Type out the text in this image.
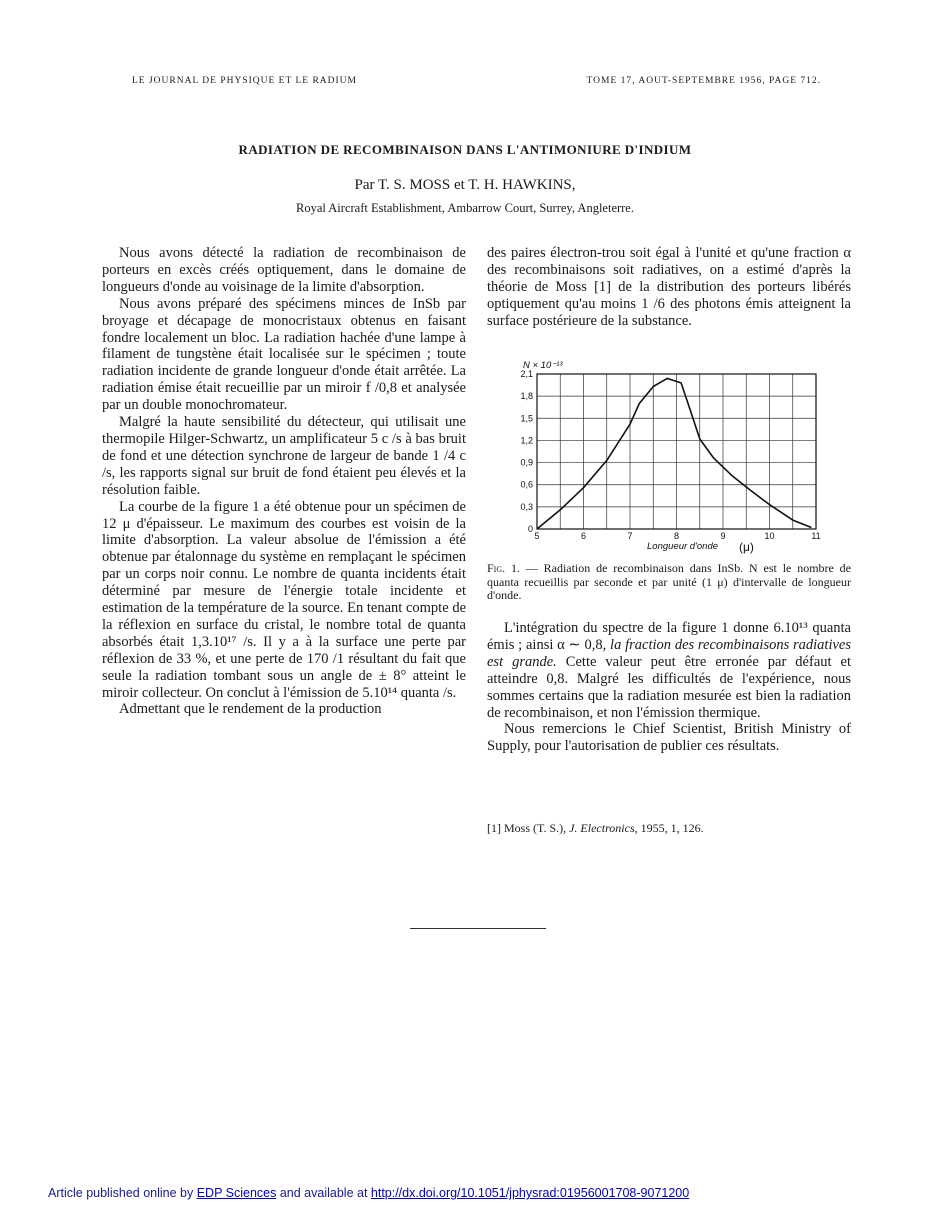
LE JOURNAL DE PHYSIQUE ET LE RADIUM	TOME 17, AOUT-SEPTEMBRE 1956, PAGE 712.
RADIATION DE RECOMBINAISON DANS L'ANTIMONIURE D'INDIUM
Par T. S. MOSS et T. H. HAWKINS,
Royal Aircraft Establishment, Ambarrow Court, Surrey, Angleterre.

Nous avons détecté la radiation de recombinaison de porteurs en excès créés optiquement, dans le domaine de longueurs d'onde au voisinage de la limite d'absorption.

Nous avons préparé des spécimens minces de InSb par broyage et décapage de monocristaux obtenus en faisant fondre localement un bloc. La radiation hachée d'une lampe à filament de tungstène était localisée sur le spécimen ; toute radiation incidente de grande longueur d'onde était arrêtée. La radiation émise était recueillie par un miroir f /0,8 et analysée par un double monochromateur.

Malgré la haute sensibilité du détecteur, qui utilisait une thermopile Hilger-Schwartz, un amplificateur 5 c /s à bas bruit de fond et une détection synchrone de largeur de bande 1 /4 c /s, les rapports signal sur bruit de fond étaient peu élevés et la résolution faible.

La courbe de la figure 1 a été obtenue pour un spécimen de 12 μ d'épaisseur. Le maximum des courbes est voisin de la limite d'absorption. La valeur absolue de l'émission a été obtenue par étalonnage du système en remplaçant le spécimen par un corps noir connu. Le nombre de quanta incidents était déterminé par mesure de l'énergie totale incidente et estimation de la température de la source. En tenant compte de la réflexion en surface du cristal, le nombre total de quanta absorbés était 1,3.10¹⁷ /s. Il y a à la surface une perte par réflexion de 33 %, et une perte de 170 /1 résultant du fait que seule la radiation tombant sous un angle de ± 8° atteint le miroir collecteur. On conclut à l'émission de 5.10¹⁴ quanta /s.

Admettant que le rendement de la production

des paires électron-trou soit égal à l'unité et qu'une fraction α des recombinaisons soit radiatives, on a estimé d'après la théorie de Moss [1] de la distribution des porteurs libérés optiquement qu'au moins 1 /6 des photons émis atteignent la surface postérieure de la substance.

0
0,3
0,6
0,9
1,2
1,5
1,8
2,1
5	6	7	8	9	10	11
N × 10⁻¹³
Longueur d'onde (μ)
Fig. 1. — Radiation de recombinaison dans InSb. N est le nombre de quanta recueillis par seconde et par unité (1 μ) d'intervalle de longueur d'onde.

L'intégration du spectre de la figure 1 donne 6.10¹³ quanta émis ; ainsi α ∼ 0,8, la fraction des recombinaisons radiatives est grande. Cette valeur peut être erronée par défaut et atteindre 0,8. Malgré les difficultés de l'expérience, nous sommes certains que la radiation mesurée est bien la radiation de recombinaison, et non l'émission thermique.

Nous remercions le Chief Scientist, British Ministry of Supply, pour l'autorisation de publier ces résultats.

[1] Moss (T. S.), J. Electronics, 1955, 1, 126.
Article published online by EDP Sciences and available at http://dx.doi.org/10.1051/jphysrad:01956001708-9071200
